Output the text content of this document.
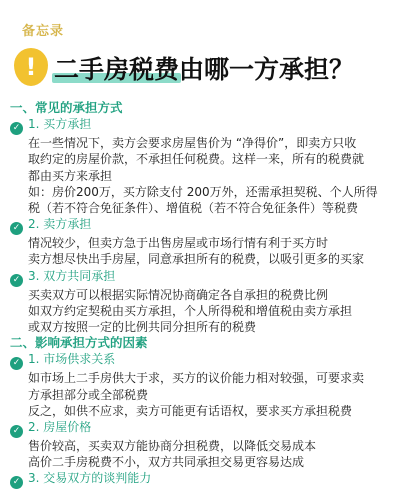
备忘录
! 二手房税费由哪一方承担？
一、常见的承担方式
✓ 1. 买方承担
在一些情况下，卖方会要求房屋售价为 “净得价”，即卖方只收
取约定的房屋价款，不承担任何税费。这样一来，所有的税费就
都由买方来承担
如：房价200万，买方除支付 200万外，还需承担契税、个人所得
税（若不符合免征条件）、增值税（若不符合免征条件）等税费
✓ 2. 卖方承担
情况较少，但卖方急于出售房屋或市场行情有利于买方时
卖方想尽快出手房屋，同意承担所有的税费，以吸引更多的买家
✓ 3. 双方共同承担
买卖双方可以根据实际情况协商确定各自承担的税费比例
如双方约定契税由买方承担，个人所得税和增值税由卖方承担
或双方按照一定的比例共同分担所有的税费
二、影响承担方式的因素
✓ 1. 市场供求关系
如市场上二手房供大于求，买方的议价能力相对较强，可要求卖
方承担部分或全部税费
反之，如供不应求，卖方可能更有话语权，要求买方承担税费
✓ 2. 房屋价格
售价较高，买卖双方能协商分担税费，以降低交易成本
高价二手房税费不小，双方共同承担交易更容易达成
✓ 3. 交易双方的谈判能力
